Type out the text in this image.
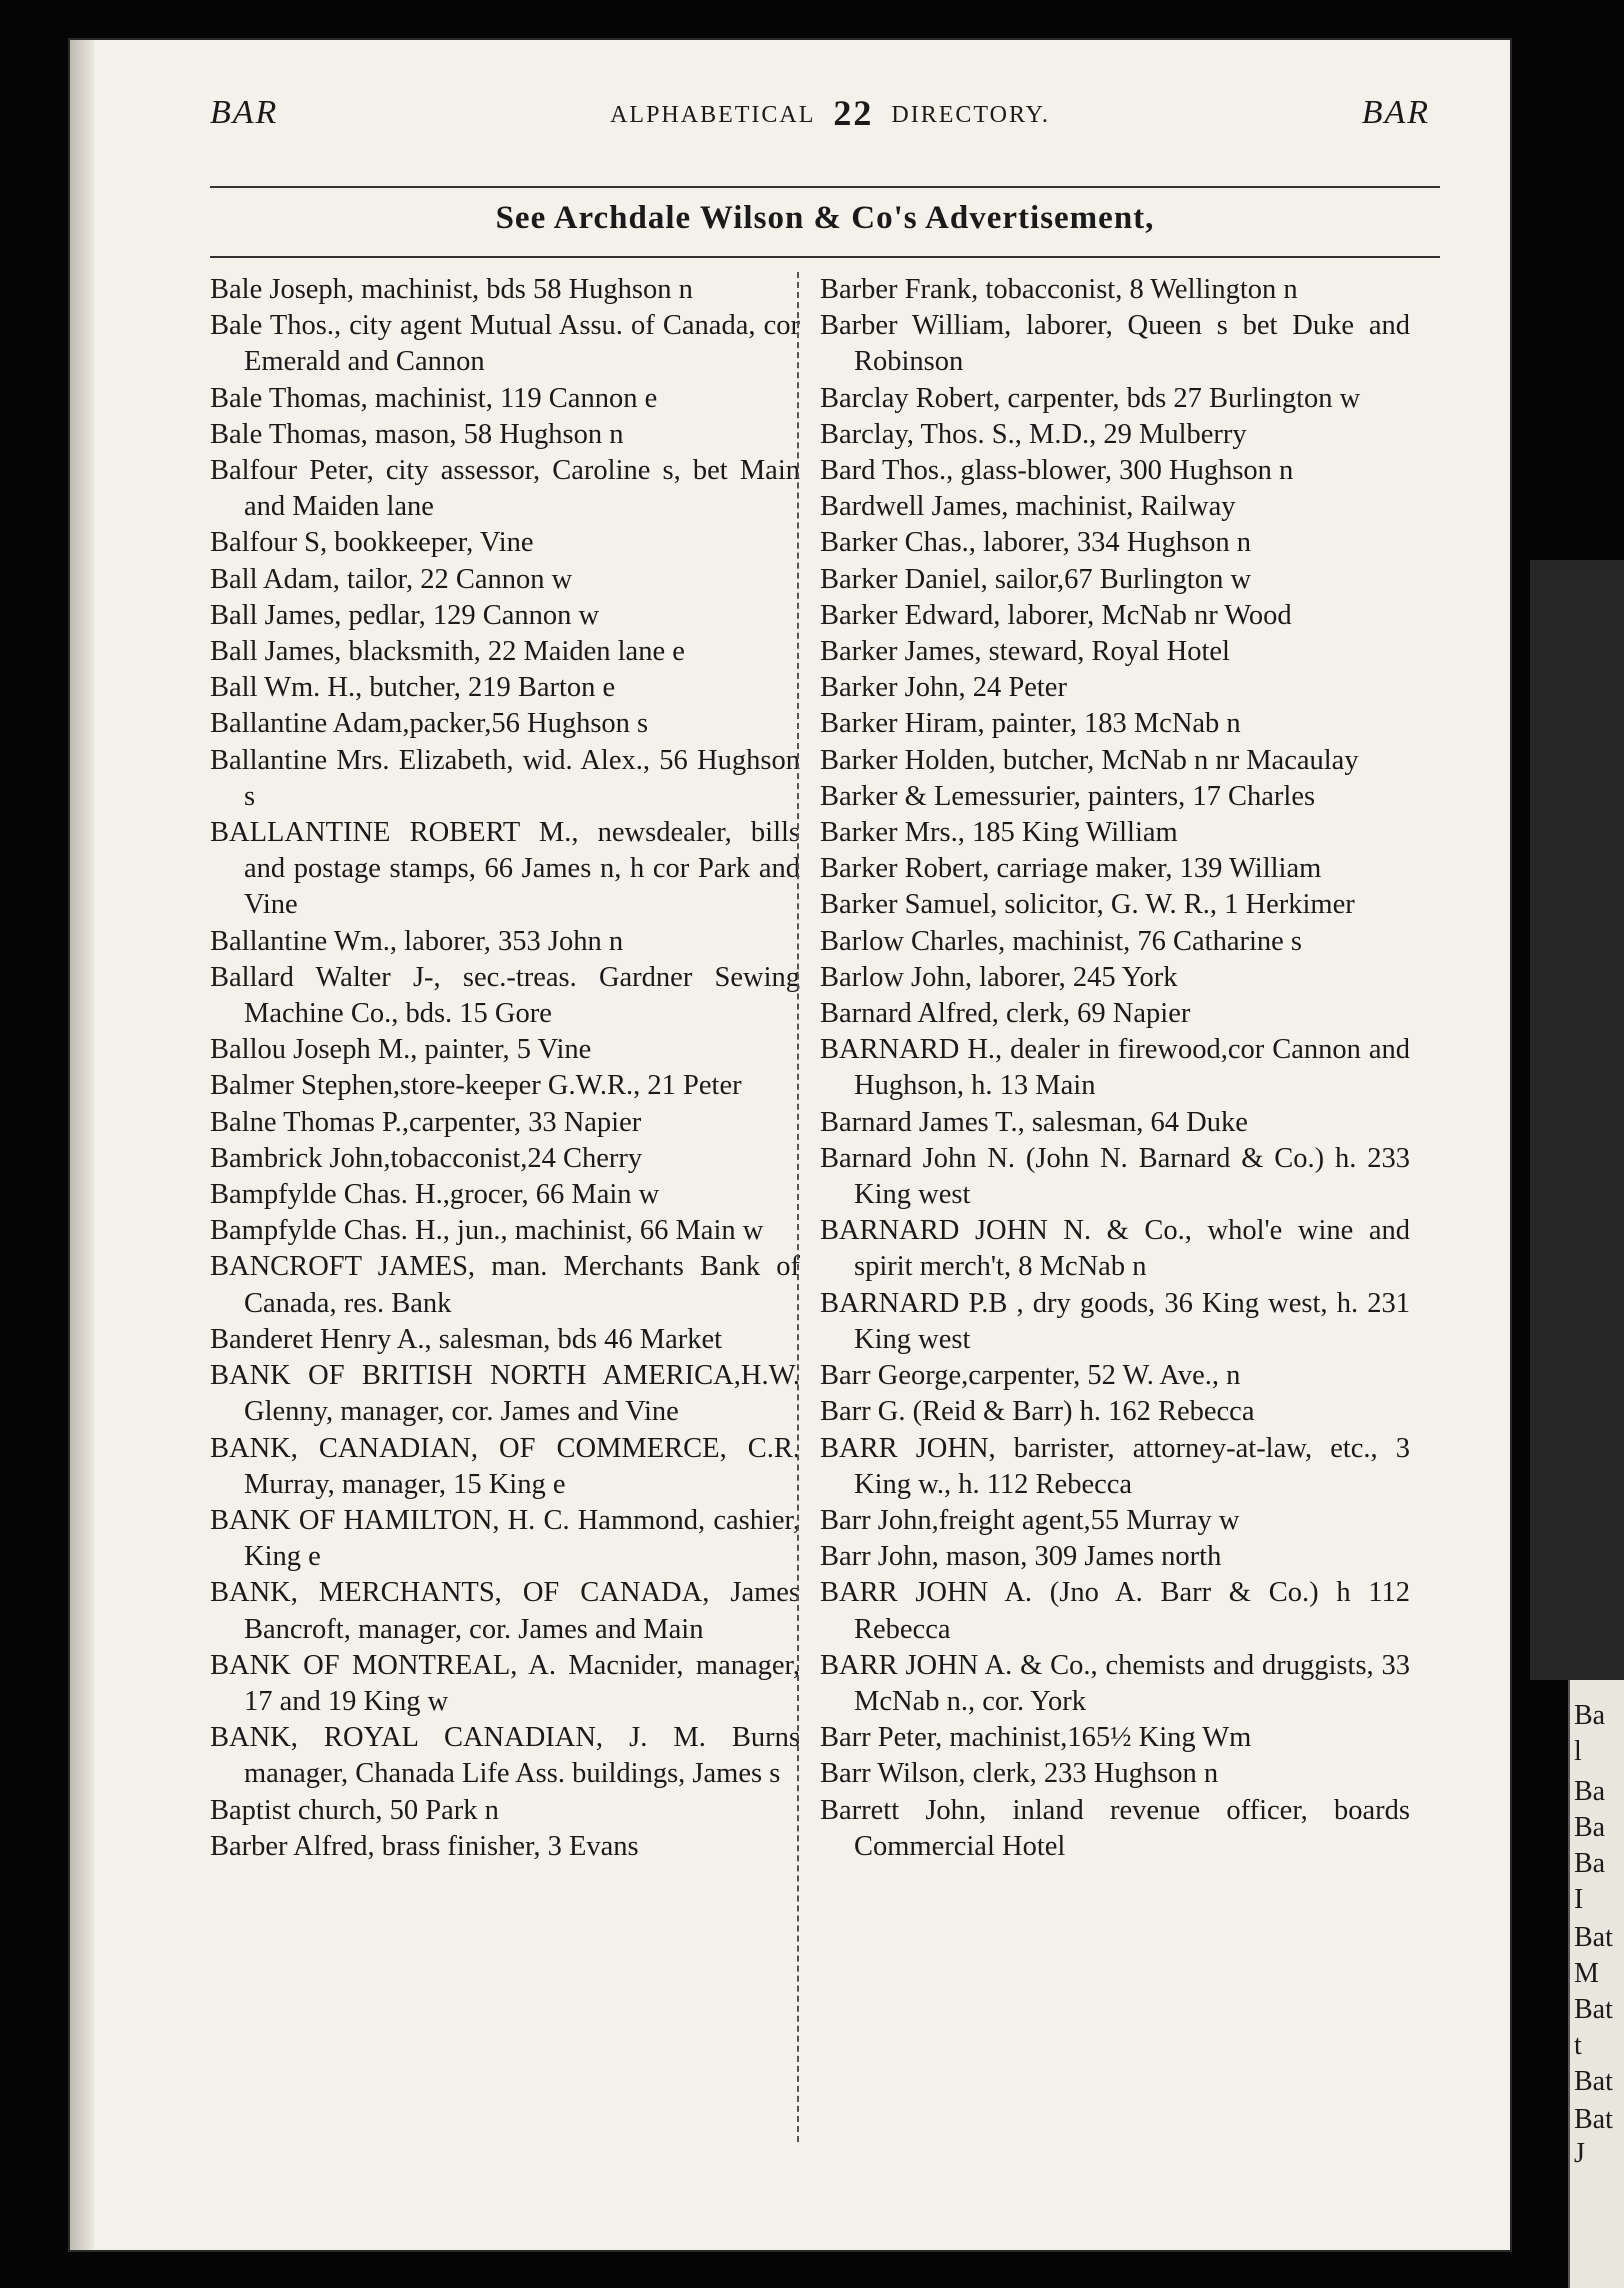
BAR	ALPHABETICAL 22 DIRECTORY.	BAR
See Archdale Wilson & Co's Advertisement,

Bale Joseph, machinist, bds 58 Hughson n

Bale Thos., city agent Mutual Assu. of Canada, cor Emerald and Cannon

Bale Thomas, machinist, 119 Cannon e

Bale Thomas, mason, 58 Hughson n

Balfour Peter, city assessor, Caroline s, bet Main and Maiden lane

Balfour S, bookkeeper, Vine

Ball Adam, tailor, 22 Cannon w

Ball James, pedlar, 129 Cannon w

Ball James, blacksmith, 22 Maiden lane e

Ball Wm. H., butcher, 219 Barton e

Ballantine Adam,packer,56 Hughson s

Ballantine Mrs. Elizabeth, wid. Alex., 56 Hughson s

BALLANTINE ROBERT M., newsdealer, bills and postage stamps, 66 James n, h cor Park and Vine

Ballantine Wm., laborer, 353 John n

Ballard Walter J-, sec.-treas. Gardner Sewing Machine Co., bds. 15 Gore

Ballou Joseph M., painter, 5 Vine

Balmer Stephen,store-keeper G.W.R., 21 Peter

Balne Thomas P.,carpenter, 33 Napier

Bambrick John,tobacconist,24 Cherry

Bampfylde Chas. H.,grocer, 66 Main w

Bampfylde Chas. H., jun., machinist, 66 Main w

BANCROFT JAMES, man. Merchants Bank of Canada, res. Bank

Banderet Henry A., salesman, bds 46 Market

BANK OF BRITISH NORTH AMERICA,H.W. Glenny, manager, cor. James and Vine

BANK, CANADIAN, OF COMMERCE, C.R. Murray, manager, 15 King e

BANK OF HAMILTON, H. C. Hammond, cashier, King e

BANK, MERCHANTS, OF CANADA, James Bancroft, manager, cor. James and Main

BANK OF MONTREAL, A. Macnider, manager, 17 and 19 King w

BANK, ROYAL CANADIAN, J. M. Burns manager, Chanada Life Ass. buildings, James s

Baptist church, 50 Park n

Barber Alfred, brass finisher, 3 Evans

Barber Frank, tobacconist, 8 Wellington n

Barber William, laborer, Queen s bet Duke and Robinson

Barclay Robert, carpenter, bds 27 Burlington w

Barclay, Thos. S., M.D., 29 Mulberry

Bard Thos., glass-blower, 300 Hughson n

Bardwell James, machinist, Railway

Barker Chas., laborer, 334 Hughson n

Barker Daniel, sailor,67 Burlington w

Barker Edward, laborer, McNab nr Wood

Barker James, steward, Royal Hotel

Barker John, 24 Peter

Barker Hiram, painter, 183 McNab n

Barker Holden, butcher, McNab n nr Macaulay

Barker & Lemessurier, painters, 17 Charles

Barker Mrs., 185 King William

Barker Robert, carriage maker, 139 William

Barker Samuel, solicitor, G. W. R., 1 Herkimer

Barlow Charles, machinist, 76 Catharine s

Barlow John, laborer, 245 York

Barnard Alfred, clerk, 69 Napier

BARNARD H., dealer in firewood,cor Cannon and Hughson, h. 13 Main

Barnard James T., salesman, 64 Duke

Barnard John N. (John N. Barnard & Co.) h. 233 King west

BARNARD JOHN N. & Co., whol'e wine and spirit merch't, 8 McNab n

BARNARD P.B , dry goods, 36 King west, h. 231 King west

Barr George,carpenter, 52 W. Ave., n

Barr G. (Reid & Barr) h. 162 Rebecca

BARR JOHN, barrister, attorney-at-law, etc., 3 King w., h. 112 Rebecca

Barr John,freight agent,55 Murray w

Barr John, mason, 309 James north

BARR JOHN A. (Jno A. Barr & Co.) h 112 Rebecca

BARR JOHN A. & Co., chemists and druggists, 33 McNab n., cor. York

Barr Peter, machinist,165½ King Wm

Barr Wilson, clerk, 233 Hughson n

Barrett John, inland revenue officer, boards Commercial Hotel

Ba
l
Ba
Ba
Ba
I
Bat
M
Bat
t
Bat
Bat
J
